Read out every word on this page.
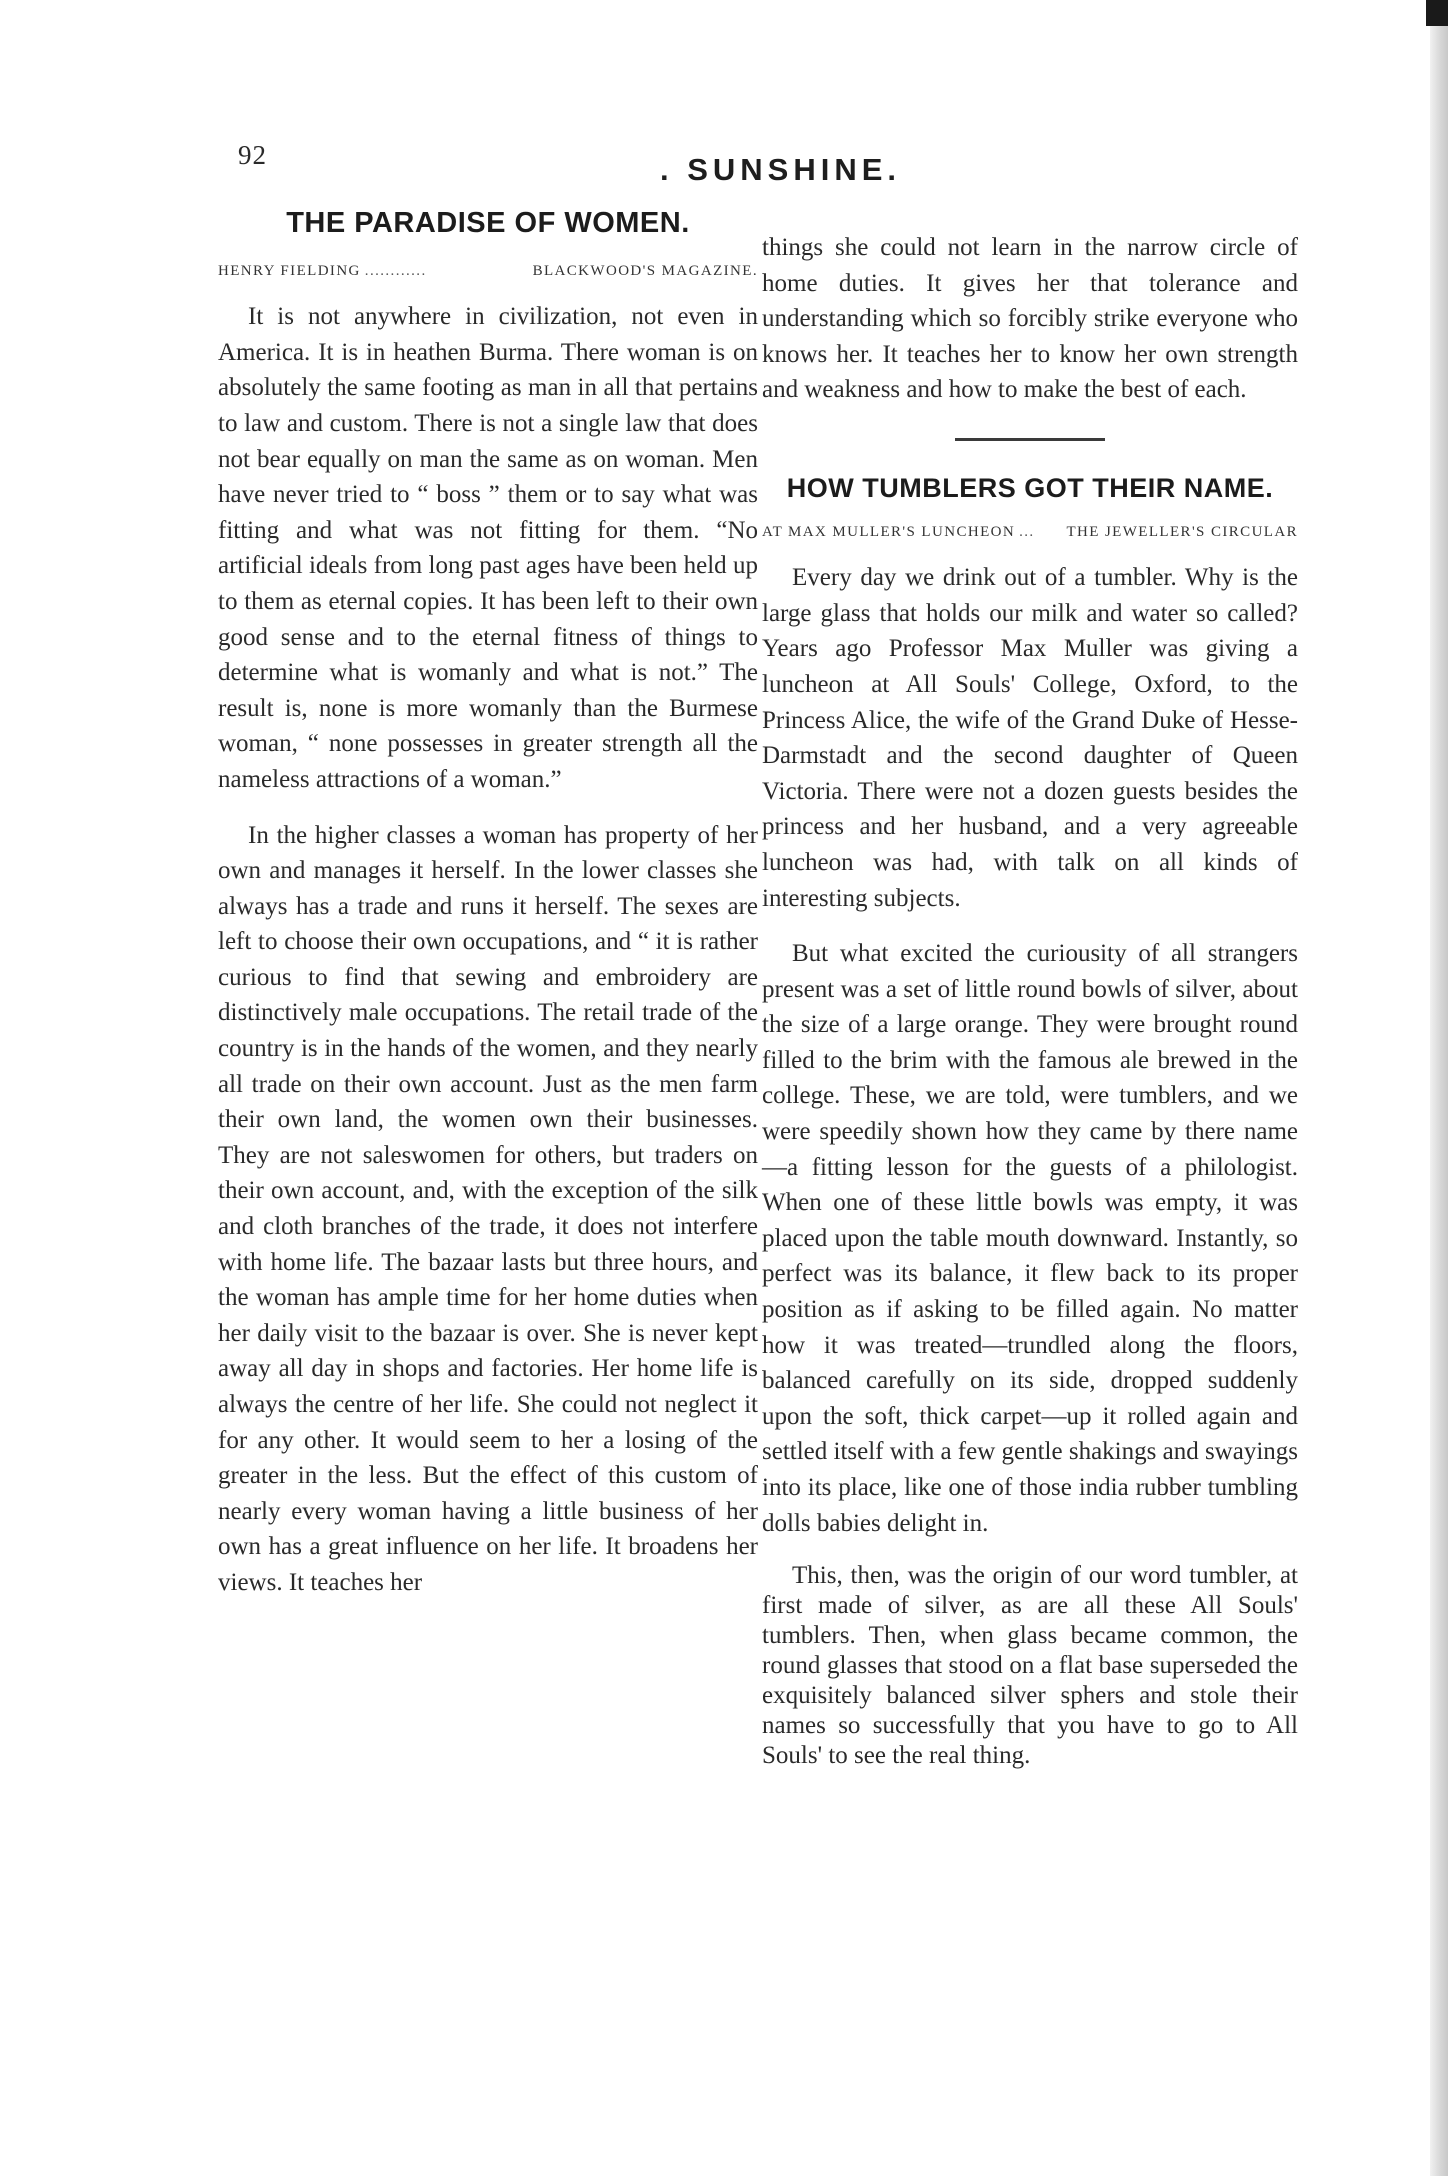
92	. SUNSHINE.
THE PARADISE OF WOMEN.
HENRY FIELDING ............	BLACKWOOD'S MAGAZINE.

It is not anywhere in civilization, not even in America. It is in heathen Burma. There woman is on absolutely the same footing as man in all that pertains to law and custom. There is not a single law that does not bear equally on man the same as on woman. Men have never tried to “ boss ” them or to say what was fitting and what was not fitting for them. “No artificial ideals from long past ages have been held up to them as eternal copies. It has been left to their own good sense and to the eternal fitness of things to determine what is womanly and what is not.” The result is, none is more womanly than the Burmese woman, “ none possesses in greater strength all the nameless attractions of a woman.”

In the higher classes a woman has property of her own and manages it herself. In the lower classes she always has a trade and runs it herself. The sexes are left to choose their own occupations, and “ it is rather curious to find that sewing and embroidery are distinctively male occupations. The retail trade of the country is in the hands of the women, and they nearly all trade on their own account. Just as the men farm their own land, the women own their businesses. They are not saleswomen for others, but traders on their own account, and, with the exception of the silk and cloth branches of the trade, it does not interfere with home life. The bazaar lasts but three hours, and the woman has ample time for her home duties when her daily visit to the bazaar is over. She is never kept away all day in shops and factories. Her home life is always the centre of her life. She could not neglect it for any other. It would seem to her a losing of the greater in the less. But the effect of this custom of nearly every woman having a little business of her own has a great influence on her life. It broadens her views. It teaches her

things she could not learn in the narrow circle of home duties. It gives her that tolerance and understanding which so forcibly strike everyone who knows her. It teaches her to know her own strength and weakness and how to make the best of each.

HOW TUMBLERS GOT THEIR NAME.
AT MAX MULLER'S LUNCHEON ...	THE JEWELLER'S CIRCULAR

Every day we drink out of a tumbler. Why is the large glass that holds our milk and water so called? Years ago Professor Max Muller was giving a luncheon at All Souls' College, Oxford, to the Princess Alice, the wife of the Grand Duke of Hesse-Darmstadt and the second daughter of Queen Victoria. There were not a dozen guests besides the princess and her husband, and a very agreeable luncheon was had, with talk on all kinds of interesting subjects.

But what excited the curiousity of all strangers present was a set of little round bowls of silver, about the size of a large orange. They were brought round filled to the brim with the famous ale brewed in the college. These, we are told, were tumblers, and we were speedily shown how they came by there name—a fitting lesson for the guests of a philologist. When one of these little bowls was empty, it was placed upon the table mouth downward. Instantly, so perfect was its balance, it flew back to its proper position as if asking to be filled again. No matter how it was treated—trundled along the floors, balanced carefully on its side, dropped suddenly upon the soft, thick carpet—up it rolled again and settled itself with a few gentle shakings and swayings into its place, like one of those india rubber tumbling dolls babies delight in.

This, then, was the origin of our word tumbler, at first made of silver, as are all these All Souls' tumblers. Then, when glass became common, the round glasses that stood on a flat base superseded the exquisitely balanced silver sphers and stole their names so successfully that you have to go to All Souls' to see the real thing.
